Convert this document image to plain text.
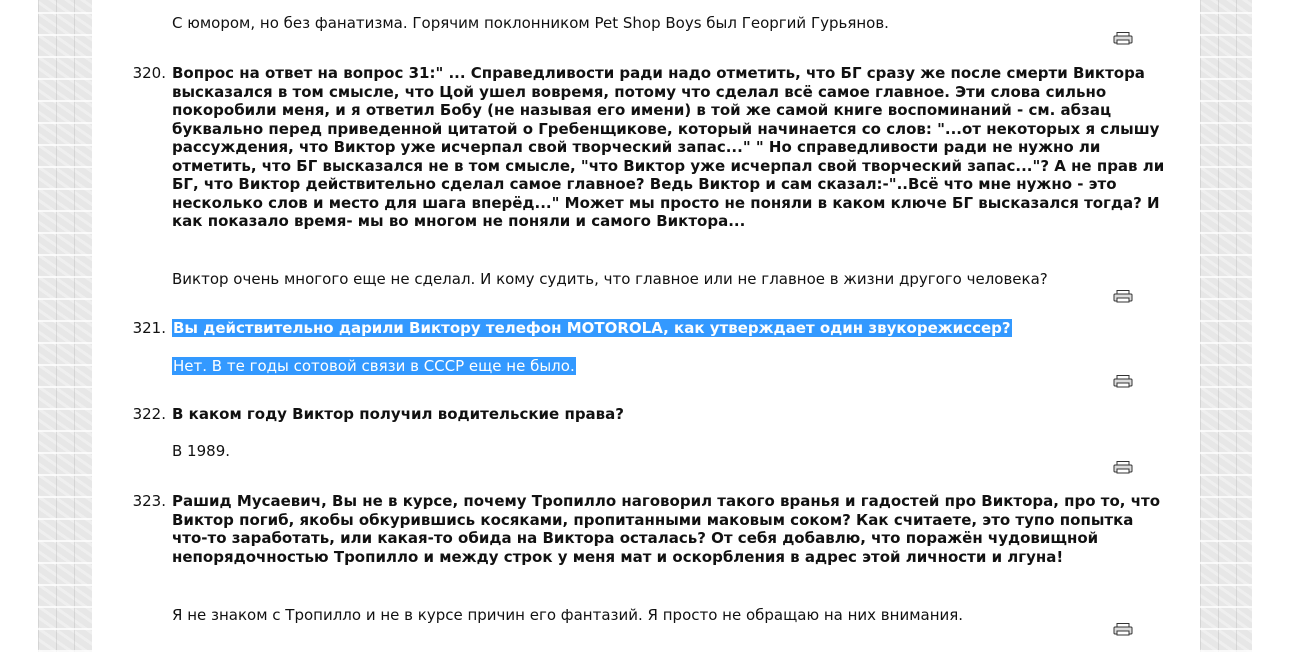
С юмором, но без фанатизма. Горячим поклонником Pet Shop Boys был Георгий Гурьянов.
320. Вопрос на ответ на вопрос 31:" ... Справедливости ради надо отметить, что БГ сразу же после смерти Виктора высказался в том смысле, что Цой ушел вовремя, потому что сделал всё самое главное. Эти слова сильно покоробили меня, и я ответил Бобу (не называя его имени) в той же самой книге воспоминаний - см. абзац буквально перед приведенной цитатой о Гребенщикове, который начинается со слов: "...от некоторых я слышу рассуждения, что Виктор уже исчерпал свой творческий запас..." " Но справедливости ради не нужно ли отметить, что БГ высказался не в том смысле, "что Виктор уже исчерпал свой творческий запас..."? А не прав ли БГ, что Виктор действительно сделал самое главное? Ведь Виктор и сам сказал:-"..Всё что мне нужно - это несколько слов и место для шага вперёд..." Может мы просто не поняли в каком ключе БГ высказался тогда? И как показало время- мы во многом не поняли и самого Виктора...
Виктор очень многого еще не сделал. И кому судить, что главное или не главное в жизни другого человека?
321. Вы действительно дарили Виктору телефон MOTOROLA, как утверждает один звукорежиссер?
Нет. В те годы сотовой связи в СССР еще не было.
322. В каком году Виктор получил водительские права?
В 1989.
323. Рашид Мусаевич, Вы не в курсе, почему Тропилло наговорил такого вранья и гадостей про Виктора, про то, что Виктор погиб, якобы обкурившись косяками, пропитанными маковым соком? Как считаете, это тупо попытка что-то заработать, или какая-то обида на Виктора осталась? От себя добавлю, что поражён чудовищной непорядочностью Тропилло и между строк у меня мат и оскорбления в адрес этой личности и лгуна!
Я не знаком с Тропилло и не в курсе причин его фантазий. Я просто не обращаю на них внимания.
